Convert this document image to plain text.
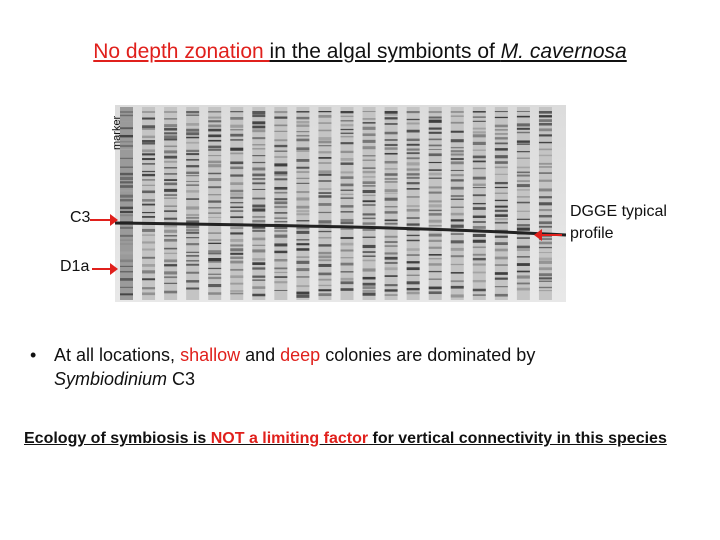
No depth zonation in the algal symbionts of M. cavernosa
marker
C3
D1a
DGGE typical
profile
• At all locations, shallow and deep colonies are dominated by
Symbiodinium C3
Ecology of symbiosis is NOT a limiting factor for vertical connectivity in this species
